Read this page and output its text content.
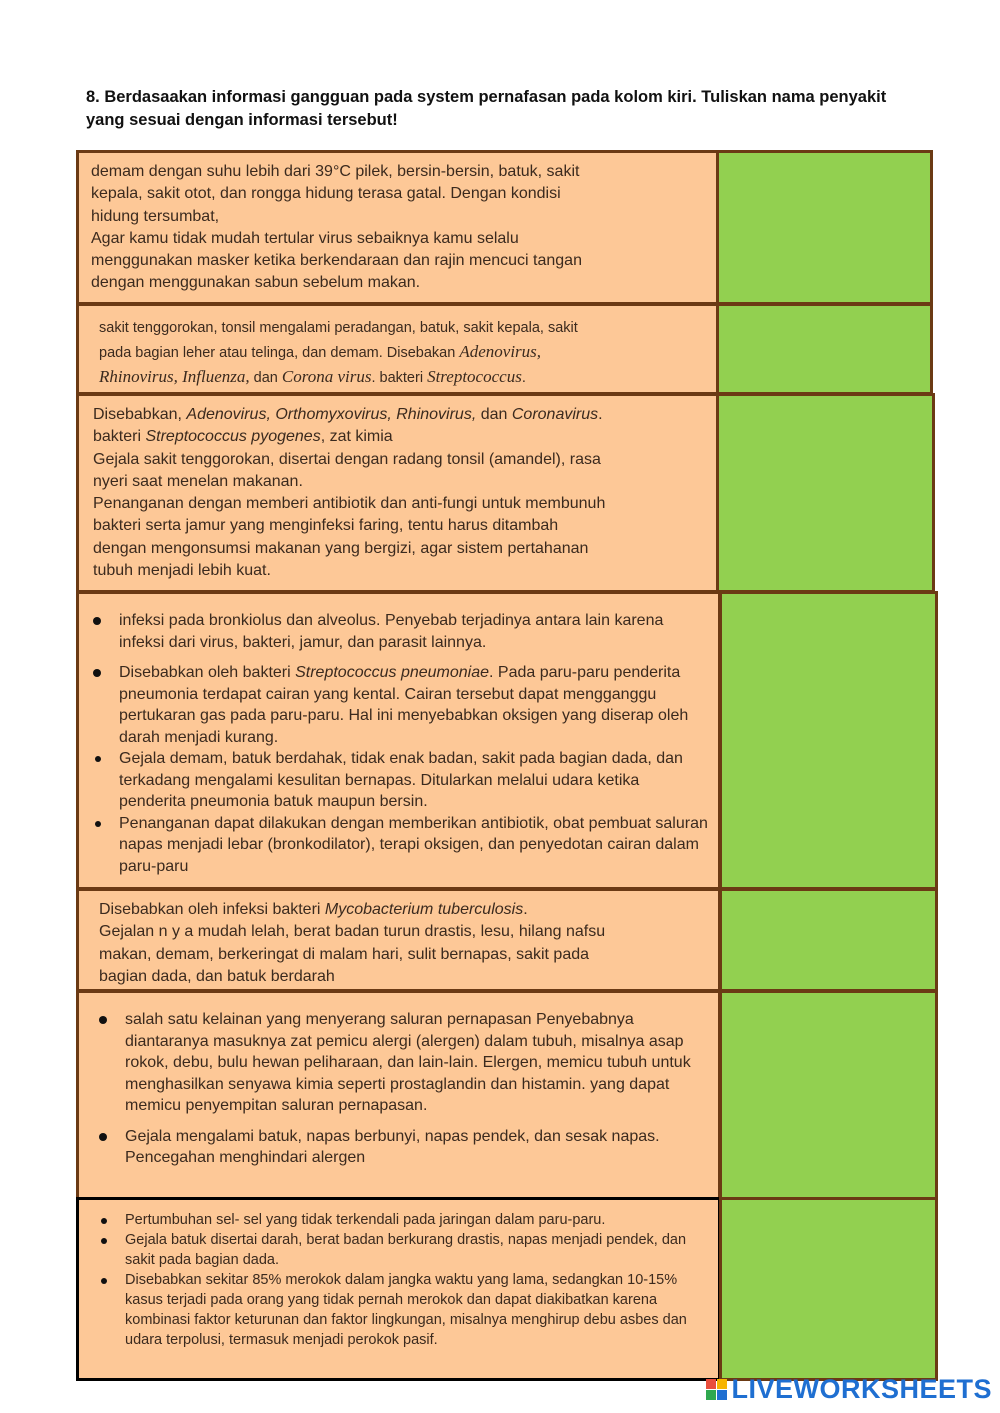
8. Berdasaakan informasi gangguan pada system pernafasan pada kolom kiri. Tuliskan nama penyakit yang sesuai dengan informasi tersebut!

demam dengan suhu lebih dari 39°C pilek, bersin-bersin, batuk, sakit

kepala, sakit otot, dan rongga hidung terasa gatal. Dengan kondisi

hidung tersumbat,

Agar kamu tidak mudah tertular virus sebaiknya kamu selalu

menggunakan masker ketika berkendaraan dan rajin mencuci tangan

dengan menggunakan sabun sebelum makan.

sakit tenggorokan, tonsil mengalami peradangan, batuk, sakit kepala, sakit

pada bagian leher atau telinga, dan demam. Disebakan Adenovirus,

Rhinovirus, Influenza, dan Corona virus. bakteri Streptococcus.

Disebabkan, Adenovirus, Orthomyxovirus, Rhinovirus, dan Coronavirus.

bakteri Streptococcus pyogenes, zat kimia

Gejala sakit tenggorokan, disertai dengan radang tonsil (amandel), rasa

nyeri saat menelan makanan.

Penanganan dengan memberi antibiotik dan anti-fungi untuk membunuh

bakteri serta jamur yang menginfeksi faring, tentu harus ditambah

dengan mengonsumsi makanan yang bergizi, agar sistem pertahanan

tubuh menjadi lebih kuat.

infeksi pada bronkiolus dan alveolus. Penyebab terjadinya antara lain karena infeksi dari virus, bakteri, jamur, dan parasit lainnya.
Disebabkan oleh bakteri Streptococcus pneumoniae. Pada paru-paru penderita pneumonia terdapat cairan yang kental. Cairan tersebut dapat mengganggu pertukaran gas pada paru-paru. Hal ini menyebabkan oksigen yang diserap oleh darah menjadi kurang.
Gejala demam, batuk berdahak, tidak enak badan, sakit pada bagian dada, dan terkadang mengalami kesulitan bernapas. Ditularkan melalui udara ketika penderita pneumonia batuk maupun bersin.
Penanganan dapat dilakukan dengan memberikan antibiotik, obat pembuat saluran napas menjadi lebar (bronkodilator), terapi oksigen, dan penyedotan cairan dalam paru-paru

Disebabkan oleh infeksi bakteri Mycobacterium tuberculosis.

Gejalan n y a mudah lelah, berat badan turun drastis, lesu, hilang nafsu

makan, demam, berkeringat di malam hari, sulit bernapas, sakit pada

bagian dada, dan batuk berdarah

salah satu kelainan yang menyerang saluran pernapasan Penyebabnya diantaranya masuknya zat pemicu alergi (alergen) dalam tubuh, misalnya asap rokok, debu, bulu hewan peliharaan, dan lain-lain. Elergen, memicu tubuh untuk menghasilkan senyawa kimia seperti prostaglandin dan histamin. yang dapat memicu penyempitan saluran pernapasan.
Gejala mengalami batuk, napas berbunyi, napas pendek, dan sesak napas. Pencegahan menghindari alergen
Pertumbuhan sel- sel yang tidak terkendali pada jaringan dalam paru-paru.
Gejala batuk disertai darah, berat badan berkurang drastis, napas menjadi pendek, dan sakit pada bagian dada.
Disebabkan sekitar 85% merokok dalam jangka waktu yang lama, sedangkan 10-15% kasus terjadi pada orang yang tidak pernah merokok dan dapat diakibatkan karena kombinasi faktor keturunan dan faktor lingkungan, misalnya menghirup debu asbes dan udara terpolusi, termasuk menjadi perokok pasif.
LIVEWORKSHEETS
